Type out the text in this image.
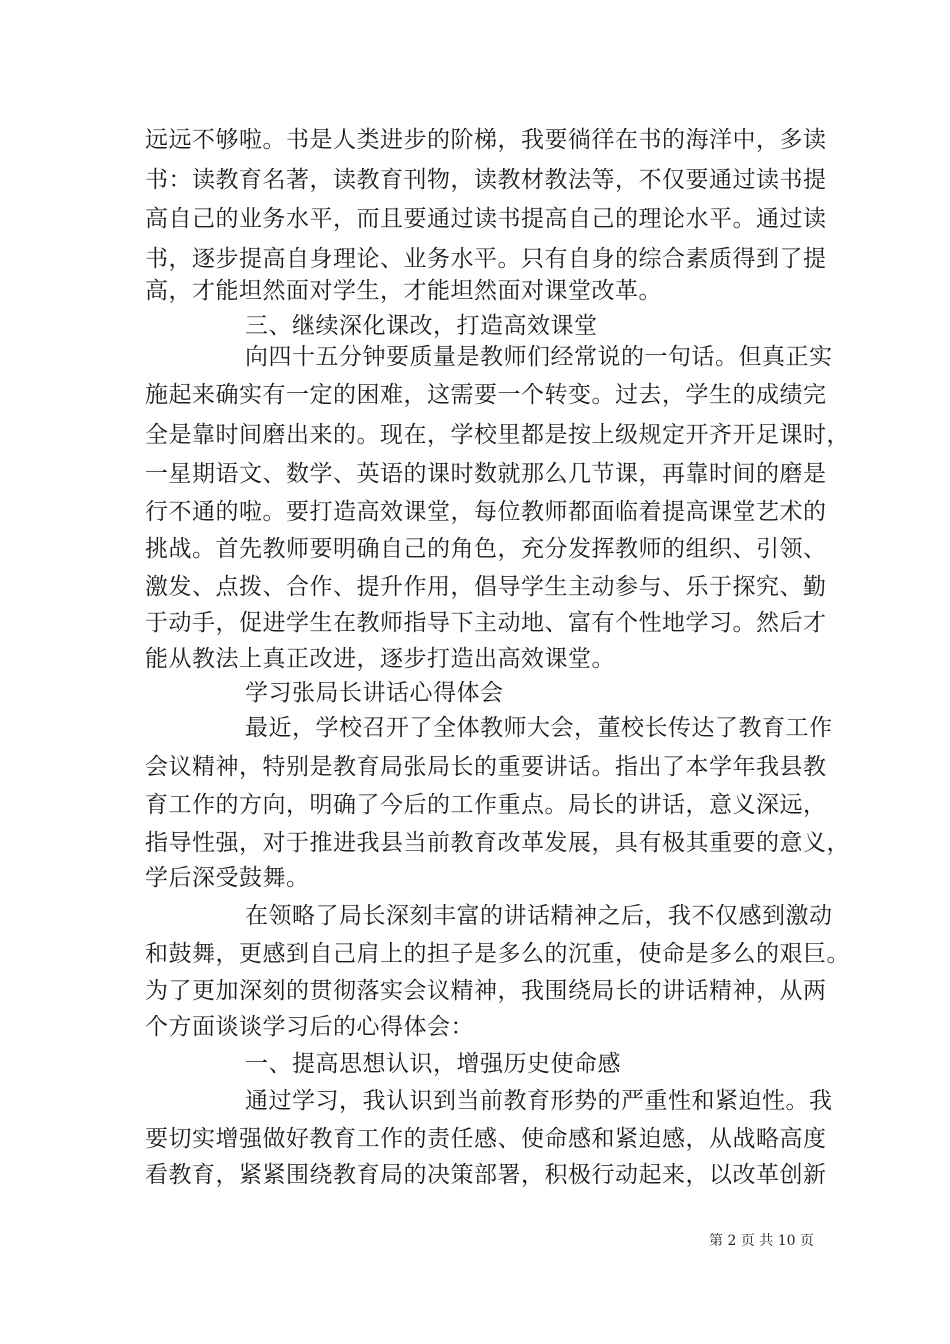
远远不够啦。书是人类进步的阶梯，我要徜徉在书的海洋中，多读
书：读教育名著，读教育刊物，读教材教法等，不仅要通过读书提
高自己的业务水平，而且要通过读书提高自己的理论水平。通过读
书，逐步提高自身理论、业务水平。只有自身的综合素质得到了提
高，才能坦然面对学生，才能坦然面对课堂改革。
三、继续深化课改，打造高效课堂
向四十五分钟要质量是教师们经常说的一句话。但真正实
施起来确实有一定的困难，这需要一个转变。过去，学生的成绩完
全是靠时间磨出来的。现在，学校里都是按上级规定开齐开足课时，
一星期语文、数学、英语的课时数就那么几节课，再靠时间的磨是
行不通的啦。要打造高效课堂，每位教师都面临着提高课堂艺术的
挑战。首先教师要明确自己的角色，充分发挥教师的组织、引领、
激发、点拨、合作、提升作用，倡导学生主动参与、乐于探究、勤
于动手，促进学生在教师指导下主动地、富有个性地学习。然后才
能从教法上真正改进，逐步打造出高效课堂。
学习张局长讲话心得体会
最近，学校召开了全体教师大会，董校长传达了教育工作
会议精神，特别是教育局张局长的重要讲话。指出了本学年我县教
育工作的方向，明确了今后的工作重点。局长的讲话，意义深远，
指导性强，对于推进我县当前教育改革发展，具有极其重要的意义，
学后深受鼓舞。
在领略了局长深刻丰富的讲话精神之后，我不仅感到激动
和鼓舞，更感到自己肩上的担子是多么的沉重，使命是多么的艰巨。
为了更加深刻的贯彻落实会议精神，我围绕局长的讲话精神，从两
个方面谈谈学习后的心得体会：
一、提高思想认识，增强历史使命感
通过学习，我认识到当前教育形势的严重性和紧迫性。我
要切实增强做好教育工作的责任感、使命感和紧迫感，从战略高度
看教育，紧紧围绕教育局的决策部署，积极行动起来，以改革创新
第 2 页 共 10 页
